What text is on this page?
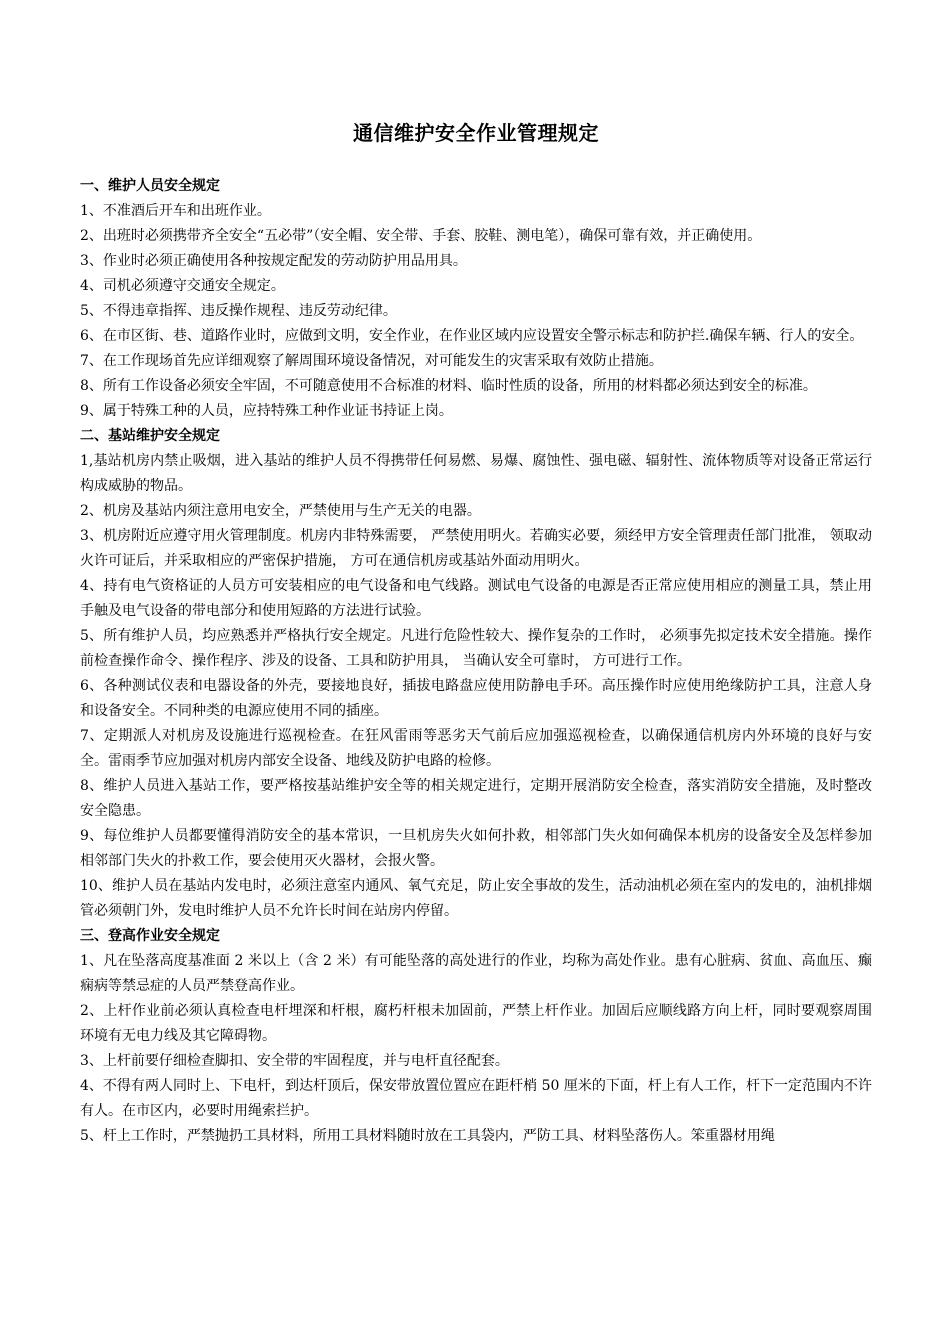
通信维护安全作业管理规定

一、维护人员安全规定

1、不准酒后开车和出班作业。

2、出班时必须携带齐全安全“五必带”（安全帽、安全带、手套、胶鞋、测电笔），确保可靠有效，并正确使用。

3、作业时必须正确使用各种按规定配发的劳动防护用品用具。

4、司机必须遵守交通安全规定。

5、不得违章指挥、违反操作规程、违反劳动纪律。

6、在市区街、巷、道路作业时，应做到文明，安全作业，在作业区域内应设置安全警示标志和防护拦.确保车辆、行人的安全。

7、在工作现场首先应详细观察了解周围环境设备情况，对可能发生的灾害采取有效防止措施。

8、所有工作设备必须安全牢固，不可随意使用不合标准的材料、临时性质的设备，所用的材料都必须达到安全的标准。

9、属于特殊工种的人员，应持特殊工种作业证书持证上岗。

二、基站维护安全规定

1,基站机房内禁止吸烟，进入基站的维护人员不得携带任何易燃、易爆、腐蚀性、强电磁、辐射性、流体物质等对设备正常运行构成威胁的物品。

2、机房及基站内须注意用电安全，严禁使用与生产无关的电器。

3、机房附近应遵守用火管理制度。机房内非特殊需要， 严禁使用明火。若确实必要，须经甲方安全管理责任部门批准， 领取动火许可证后，并采取相应的严密保护措施， 方可在通信机房或基站外面动用明火。

4、持有电气资格证的人员方可安装相应的电气设备和电气线路。测试电气设备的电源是否正常应使用相应的测量工具，禁止用手触及电气设备的带电部分和使用短路的方法进行试验。

5、所有维护人员，均应熟悉并严格执行安全规定。凡进行危险性较大、操作复杂的工作时， 必须事先拟定技术安全措施。操作前检查操作命令、操作程序、涉及的设备、工具和防护用具， 当确认安全可靠时， 方可进行工作。

6、各种测试仪表和电器设备的外壳，要接地良好，插拔电路盘应使用防静电手环。高压操作时应使用绝缘防护工具，注意人身和设备安全。不同种类的电源应使用不同的插座。

7、定期派人对机房及设施进行巡视检查。在狂风雷雨等恶劣天气前后应加强巡视检查，以确保通信机房内外环境的良好与安全。雷雨季节应加强对机房内部安全设备、地线及防护电路的检修。

8、维护人员进入基站工作，要严格按基站维护安全等的相关规定进行，定期开展消防安全检查，落实消防安全措施，及时整改安全隐患。

9、每位维护人员都要懂得消防安全的基本常识，一旦机房失火如何扑救，相邻部门失火如何确保本机房的设备安全及怎样参加相邻部门失火的扑救工作，要会使用灭火器材，会报火警。

10、维护人员在基站内发电时，必须注意室内通风、氧气充足，防止安全事故的发生，活动油机必须在室内的发电的，油机排烟管必须朝门外，发电时维护人员不允许长时间在站房内停留。

三、登高作业安全规定

1、凡在坠落高度基准面 2 米以上（含 2 米）有可能坠落的高处进行的作业，均称为高处作业。患有心脏病、贫血、高血压、癫痫病等禁忌症的人员严禁登高作业。

2、上杆作业前必须认真检查电杆埋深和杆根，腐朽杆根未加固前，严禁上杆作业。加固后应顺线路方向上杆，同时要观察周围环境有无电力线及其它障碍物。

3、上杆前要仔细检查脚扣、安全带的牢固程度，并与电杆直径配套。

4、不得有两人同时上、下电杆，到达杆顶后，保安带放置位置应在距杆梢 50 厘米的下面，杆上有人工作，杆下一定范围内不许有人。在市区内，必要时用绳索拦护。

5、杆上工作时，严禁抛扔工具材料，所用工具材料随时放在工具袋内，严防工具、材料坠落伤人。笨重器材用绳
